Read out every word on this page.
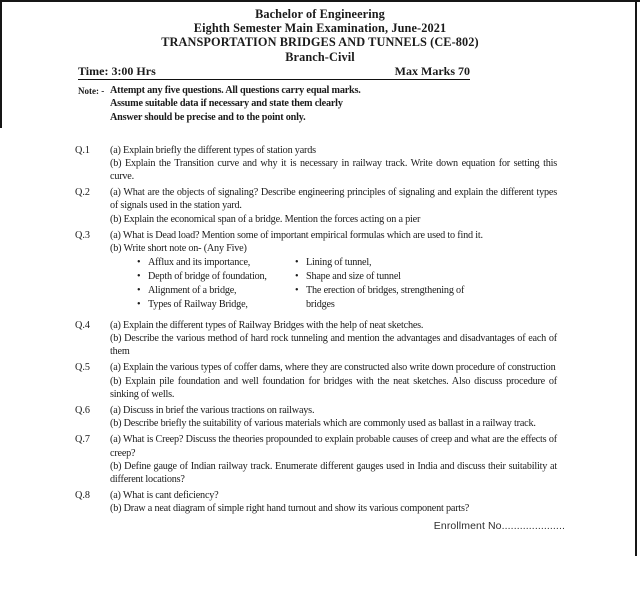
Bachelor of Engineering
Eighth Semester Main Examination, June-2021
TRANSPORTATION BRIDGES AND TUNNELS (CE-802)
Branch-Civil
Time: 3:00 Hrs	Max Marks 70
Note: - Attempt any five questions. All questions carry equal marks.
Assume suitable data if necessary and state them clearly
Answer should be precise and to the point only.
Q.1	(a) Explain briefly the different types of station yards

(b) Explain the Transition curve and why it is necessary in railway track. Write down equation for setting this curve.

Q.2	(a) What are the objects of signaling? Describe engineering principles of signaling and explain the different types of signals used in the station yard.

(b) Explain the economical span of a bridge. Mention the forces acting on a pier

Q.3	(a) What is Dead load? Mention some of important empirical formulas which are used to find it.

(b) Write short note on- (Any Five)

• Afflux and its importance,
• Depth of bridge of foundation,
• Alignment of a bridge,
• Types of Railway Bridge,
• Lining of tunnel,
• Shape and size of tunnel
• The erection of bridges, strengthening of bridges
Q.4	(a) Explain the different types of Railway Bridges with the help of neat sketches.

(b) Describe the various method of hard rock tunneling and mention the advantages and disadvantages of each of them

Q.5	(a) Explain the various types of coffer dams, where they are constructed also write down procedure of construction

(b) Explain pile foundation and well foundation for bridges with the neat sketches. Also discuss procedure of sinking of wells.

Q.6	(a) Discuss in brief the various tractions on railways.

(b) Describe briefly the suitability of various materials which are commonly used as ballast in a railway track.

Q.7	(a) What is Creep? Discuss the theories propounded to explain probable causes of creep and what are the effects of creep?

(b) Define gauge of Indian railway track. Enumerate different gauges used in India and discuss their suitability at different locations?

Q.8	(a) What is cant deficiency?

(b) Draw a neat diagram of simple right hand turnout and show its various component parts?

Enrollment No.....................
